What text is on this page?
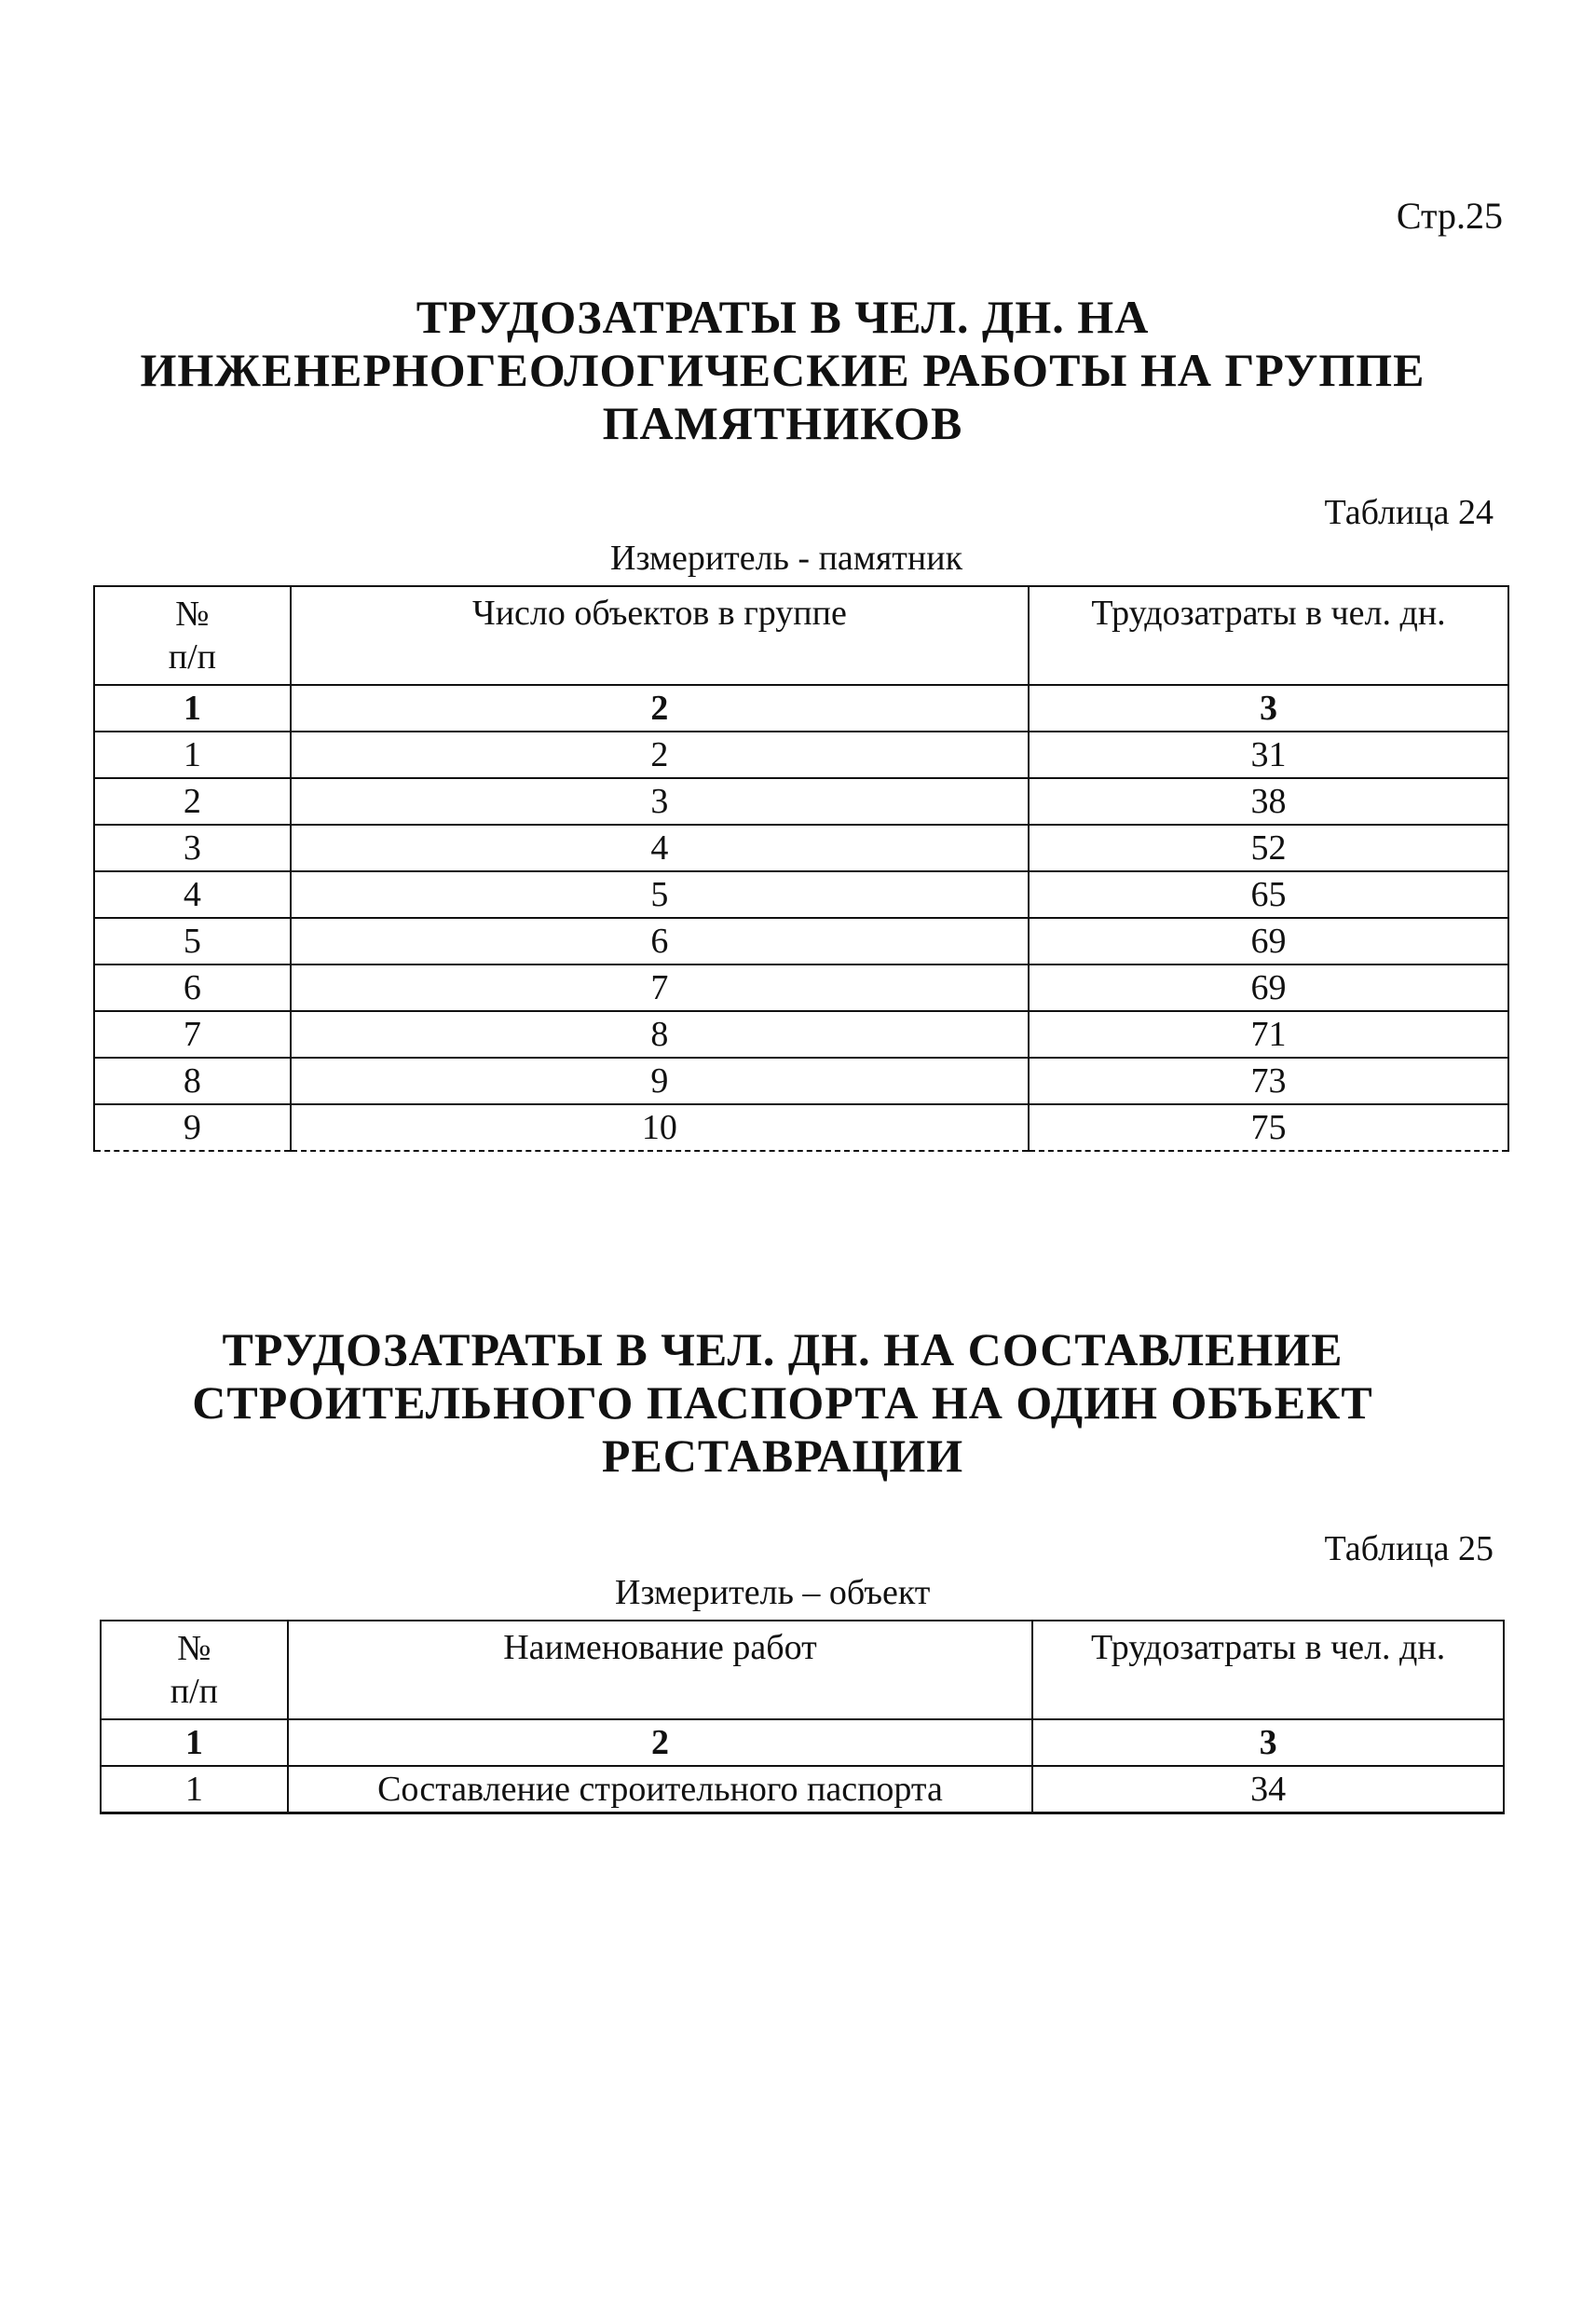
Стр.25
ТРУДОЗАТРАТЫ В ЧЕЛ. ДН. НА
ИНЖЕНЕРНОГЕОЛОГИЧЕСКИЕ РАБОТЫ НА ГРУППЕ
ПАМЯТНИКОВ
Таблица 24
Измеритель - памятник
№
п/п	Число объектов в группе	Трудозатраты в чел. дн.
1	2	3
1	2	31
2	3	38
3	4	52
4	5	65
5	6	69
6	7	69
7	8	71
8	9	73
9	10	75
ТРУДОЗАТРАТЫ В ЧЕЛ. ДН. НА СОСТАВЛЕНИЕ
СТРОИТЕЛЬНОГО ПАСПОРТА НА ОДИН ОБЪЕКТ
РЕСТАВРАЦИИ
Таблица 25
Измеритель – объект
№
п/п	Наименование работ	Трудозатраты в чел. дн.
1	2	3
1	Составление строительного паспорта	34
